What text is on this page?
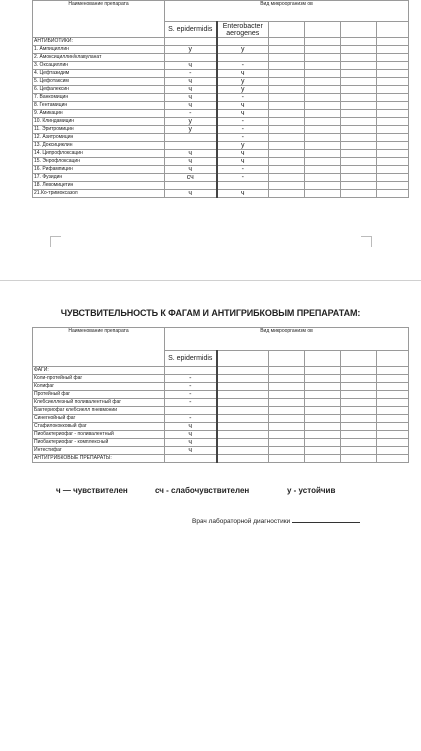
Наименование препарата	Вид микроорганизм ов					
	S. epidermidis	Enterobacter aerogenes				
АНТИБИОТИКИ:						
1. Ампициллин	у	у				
2. Амоксициллин/клавуланат						
3. Оксациллин	ч	-				
4. Цефтазидим	-	ч				
5. Цефотаксим	ч	у				
6. Цефалексин	ч	у				
7. Ванкомицин	ч	-				
8. Гентамицин	ч	ч				
9. Амикацин	-	ч				
10. Клиндамицин	у	-				
11. Эритромицин	у	-				
12. Азитромицин		-				
13. Доксициклин		у				
14. Ципрофлоксацин	ч	ч				
15. Энрофлоксацин	ч	ч				
16. Рифампицин	ч	-				
17. Фузидин	сч	-				
18. Левомицетин						
21.Ко-тримоксазол	ч	ч				
ЧУВСТВИТЕЛЬНОСТЬ К ФАГАМ И АНТИГРИБКОВЫМ ПРЕПАРАТАМ:
Наименование препарата	Вид микроорганизм ов					
	S. epidermidis					
ФАГИ:						
Коли-протейный фаг	-					
Колифаг	-					
Протейный фаг	-					
Клебсиеллезный поливалентный фаг	-					
Бактериофаг клебсиелл пневмонии						
Синегнойный фаг	-					
Стафилококковый фаг	ч					
Пиобактериофаг - поливалентный	ч					
Пиобактериофаг - комплексный	ч					
Интестифаг	ч					
АНТИГРИБКОВЫЕ ПРЕПАРАТЫ:						
ч — чувствителен	сч - слабочувствителен	у - устойчив
Врач лабораторной диагностики
